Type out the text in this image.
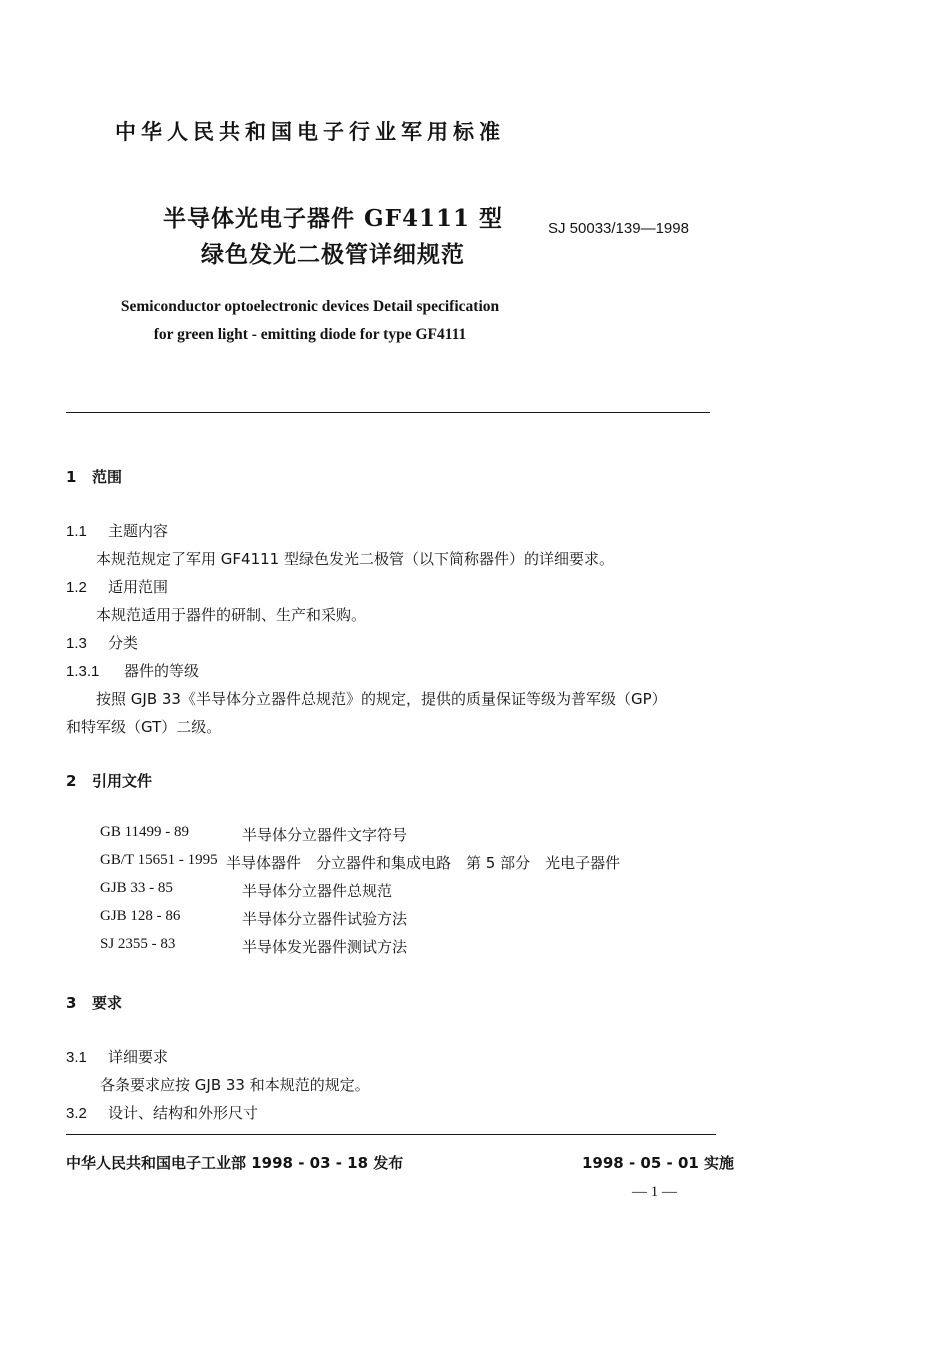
中华人民共和国电子行业军用标准
半导体光电子器件 GF4111 型
绿色发光二极管详细规范
SJ 50033/139—1998
Semiconductor optoelectronic devices Detail specification
for green light - emitting diode for type GF4111
1 范围
1.1 主题内容
本规范规定了军用 GF4111 型绿色发光二极管（以下简称器件）的详细要求。
1.2 适用范围
本规范适用于器件的研制、生产和采购。
1.3 分类
1.3.1 器件的等级
按照 GJB 33《半导体分立器件总规范》的规定，提供的质量保证等级为普军级（GP）
和特军级（GT）二级。
2 引用文件
GB 11499 - 89	半导体分立器件文字符号
GB/T 15651 - 1995 半导体器件　分立器件和集成电路　第 5 部分　光电子器件
GJB 33 - 85	半导体分立器件总规范
GJB 128 - 86	半导体分立器件试验方法
SJ 2355 - 83	半导体发光器件测试方法
3 要求
3.1 详细要求
各条要求应按 GJB 33 和本规范的规定。
3.2 设计、结构和外形尺寸
中华人民共和国电子工业部 1998 - 03 - 18 发布	1998 - 05 - 01 实施
— 1 —
